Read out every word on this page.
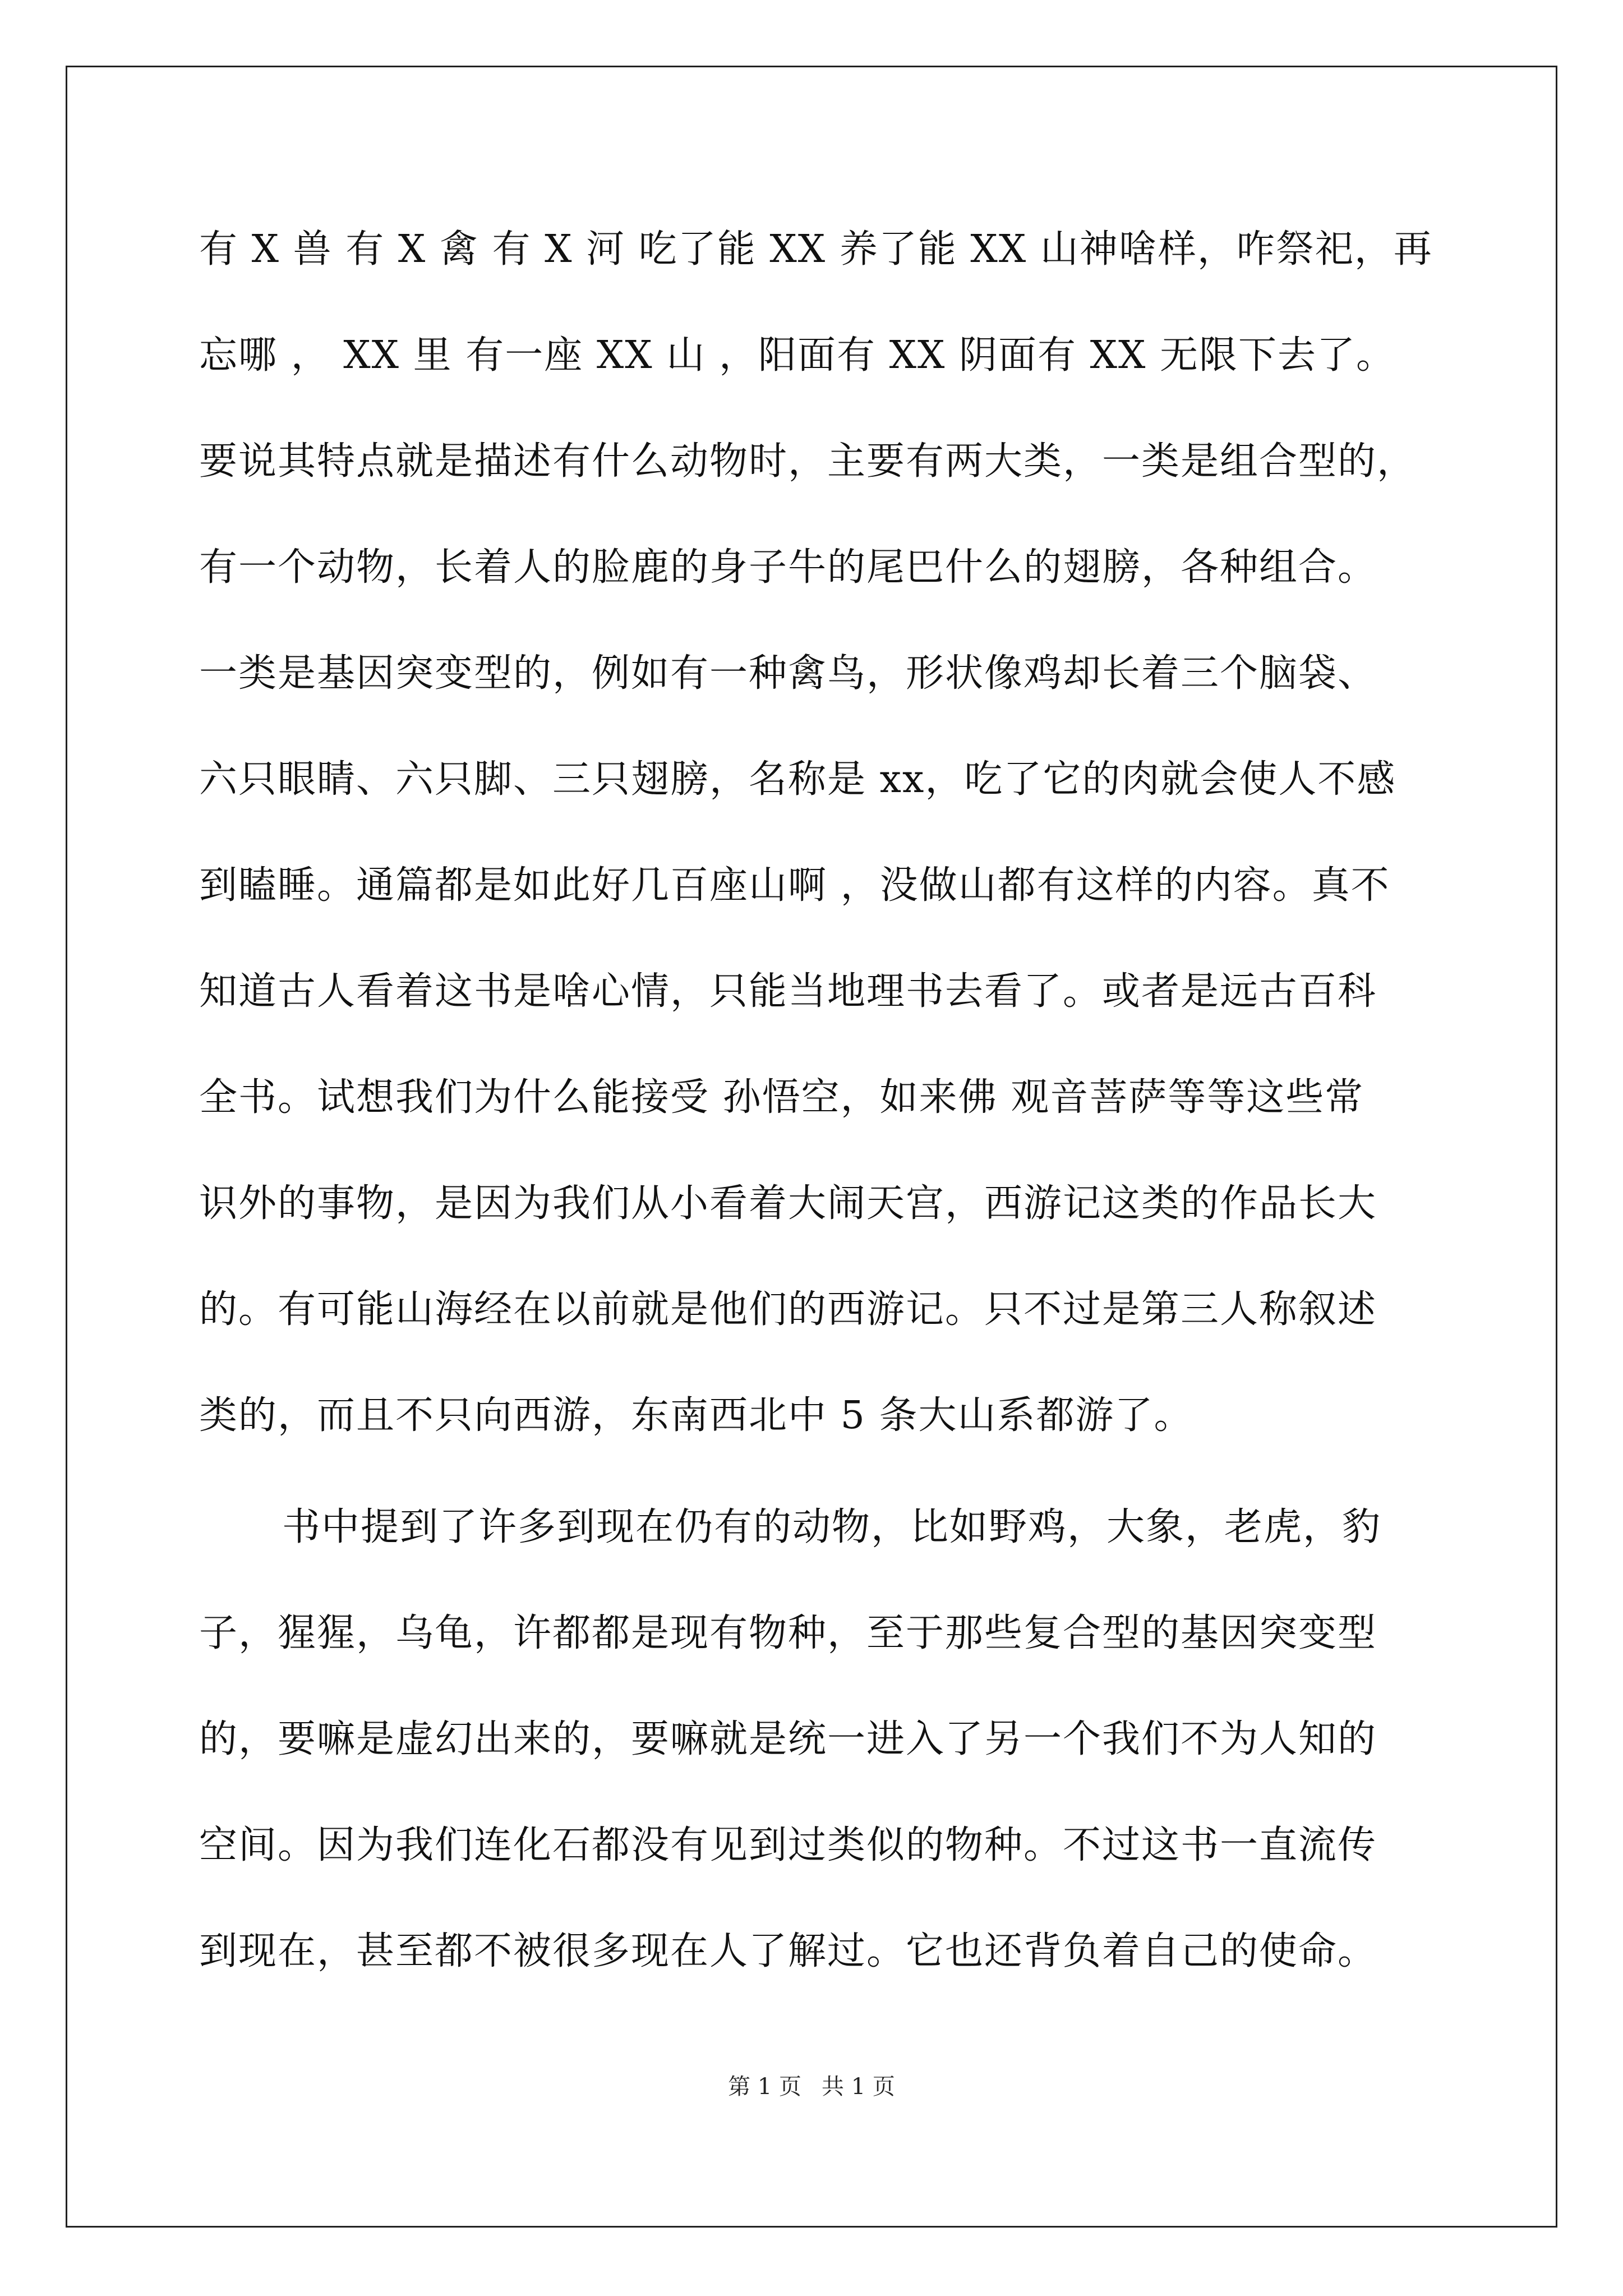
有 X 兽 有 X 禽 有 X 河 吃了能 XX 养了能 XX 山神啥样，咋祭祀，再
忘哪 ， XX 里 有一座 XX 山 ，阳面有 XX 阴面有 XX 无限下去了。
要说其特点就是描述有什么动物时，主要有两大类，一类是组合型的，
有一个动物，长着人的脸鹿的身子牛的尾巴什么的翅膀，各种组合。
一类是基因突变型的，例如有一种禽鸟，形状像鸡却长着三个脑袋、
六只眼睛、六只脚、三只翅膀，名称是 xx，吃了它的肉就会使人不感
到瞌睡。通篇都是如此好几百座山啊 ，没做山都有这样的内容。真不
知道古人看着这书是啥心情，只能当地理书去看了。或者是远古百科
全书。试想我们为什么能接受 孙悟空，如来佛 观音菩萨等等这些常
识外的事物，是因为我们从小看着大闹天宫，西游记这类的作品长大
的。有可能山海经在以前就是他们的西游记。只不过是第三人称叙述
类的，而且不只向西游，东南西北中 5 条大山系都游了。
书中提到了许多到现在仍有的动物，比如野鸡，大象，老虎，豹
子，猩猩，乌龟，许都都是现有物种，至于那些复合型的基因突变型
的，要嘛是虚幻出来的，要嘛就是统一进入了另一个我们不为人知的
空间。因为我们连化石都没有见到过类似的物种。不过这书一直流传
到现在，甚至都不被很多现在人了解过。它也还背负着自己的使命。
第 1 页 共 1 页
